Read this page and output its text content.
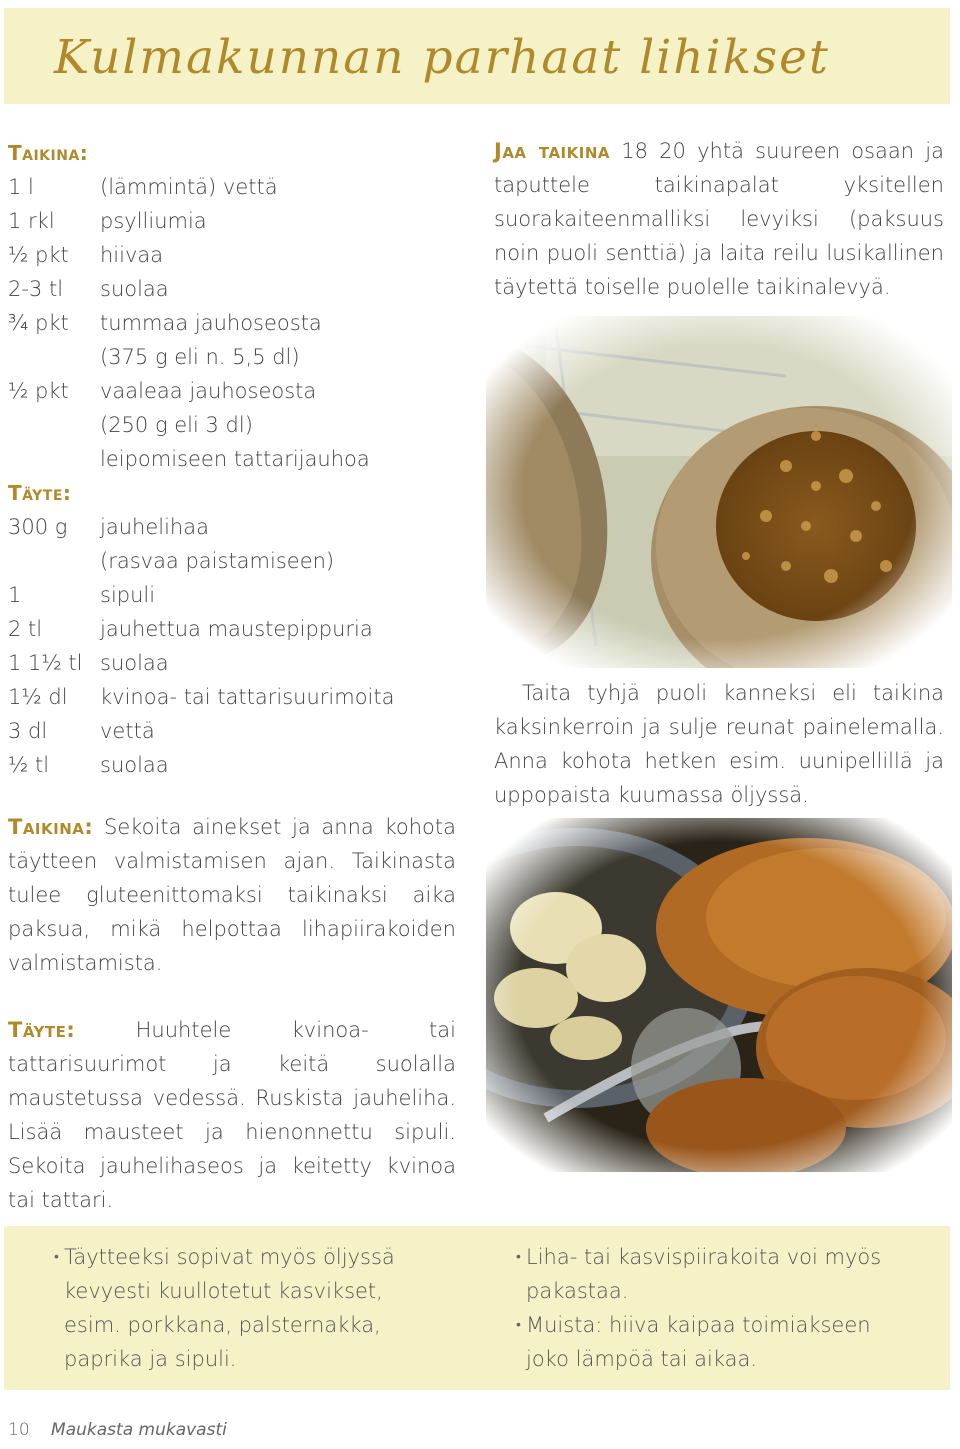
Kulmakunnan parhaat lihikset
Taikina:
1 l	(lämmintä) vettä
1 rkl	psylliumia
½ pkt	hiivaa
2-3 tl	suolaa
¾ pkt	tummaa jauhoseosta
(375 g eli n. 5,5 dl)
½ pkt	vaaleaa jauhoseosta
(250 g eli 3 dl)
leipomiseen tattarijauhoa
Täyte:
300 g	jauhelihaa
(rasvaa paistamiseen)
1	sipuli
2 tl	jauhettua maustepippuria
1 1½ tl suolaa
1½ dl	kvinoa- tai tattarisuurimoita
3 dl	vettä
½ tl	suolaa
Taikina: Sekoita ainekset ja anna kohota täytteen valmistamisen ajan. Taikinasta tulee gluteenittomaksi taikinaksi aika paksua, mikä helpottaa lihapiirakoiden valmistamista.
Täyte:	Huuhtele kvinoa- tai tattarisuurimot ja keitä suolalla maustetussa vedessä. Ruskista jauheliha. Lisää mausteet ja hienonnettu sipuli. Sekoita jauhelihaseos ja keitetty kvinoa tai tattari.
Jaa taikina 18 20 yhtä suureen osaan ja taputtele taikinapalat yksitellen suorakaiteenmalliksi levyiksi (paksuus noin puoli senttiä) ja laita reilu lusikallinen täytettä toiselle puolelle taikinalevyä.
Taita tyhjä puoli kanneksi eli taikina kaksinkerroin ja sulje reunat painelemalla. Anna kohota hetken esim. uunipellillä ja uppopaista kuumassa öljyssä.
• Täytteeksi sopivat myös öljyssä kevyesti kuullotetut kasvikset, esim. porkkana, palsternakka, paprika ja sipuli.
• Liha- tai kasvispiirakoita voi myös pakastaa.
• Muista: hiiva kaipaa toimiakseen joko lämpöä tai aikaa.
10 Maukasta mukavasti
